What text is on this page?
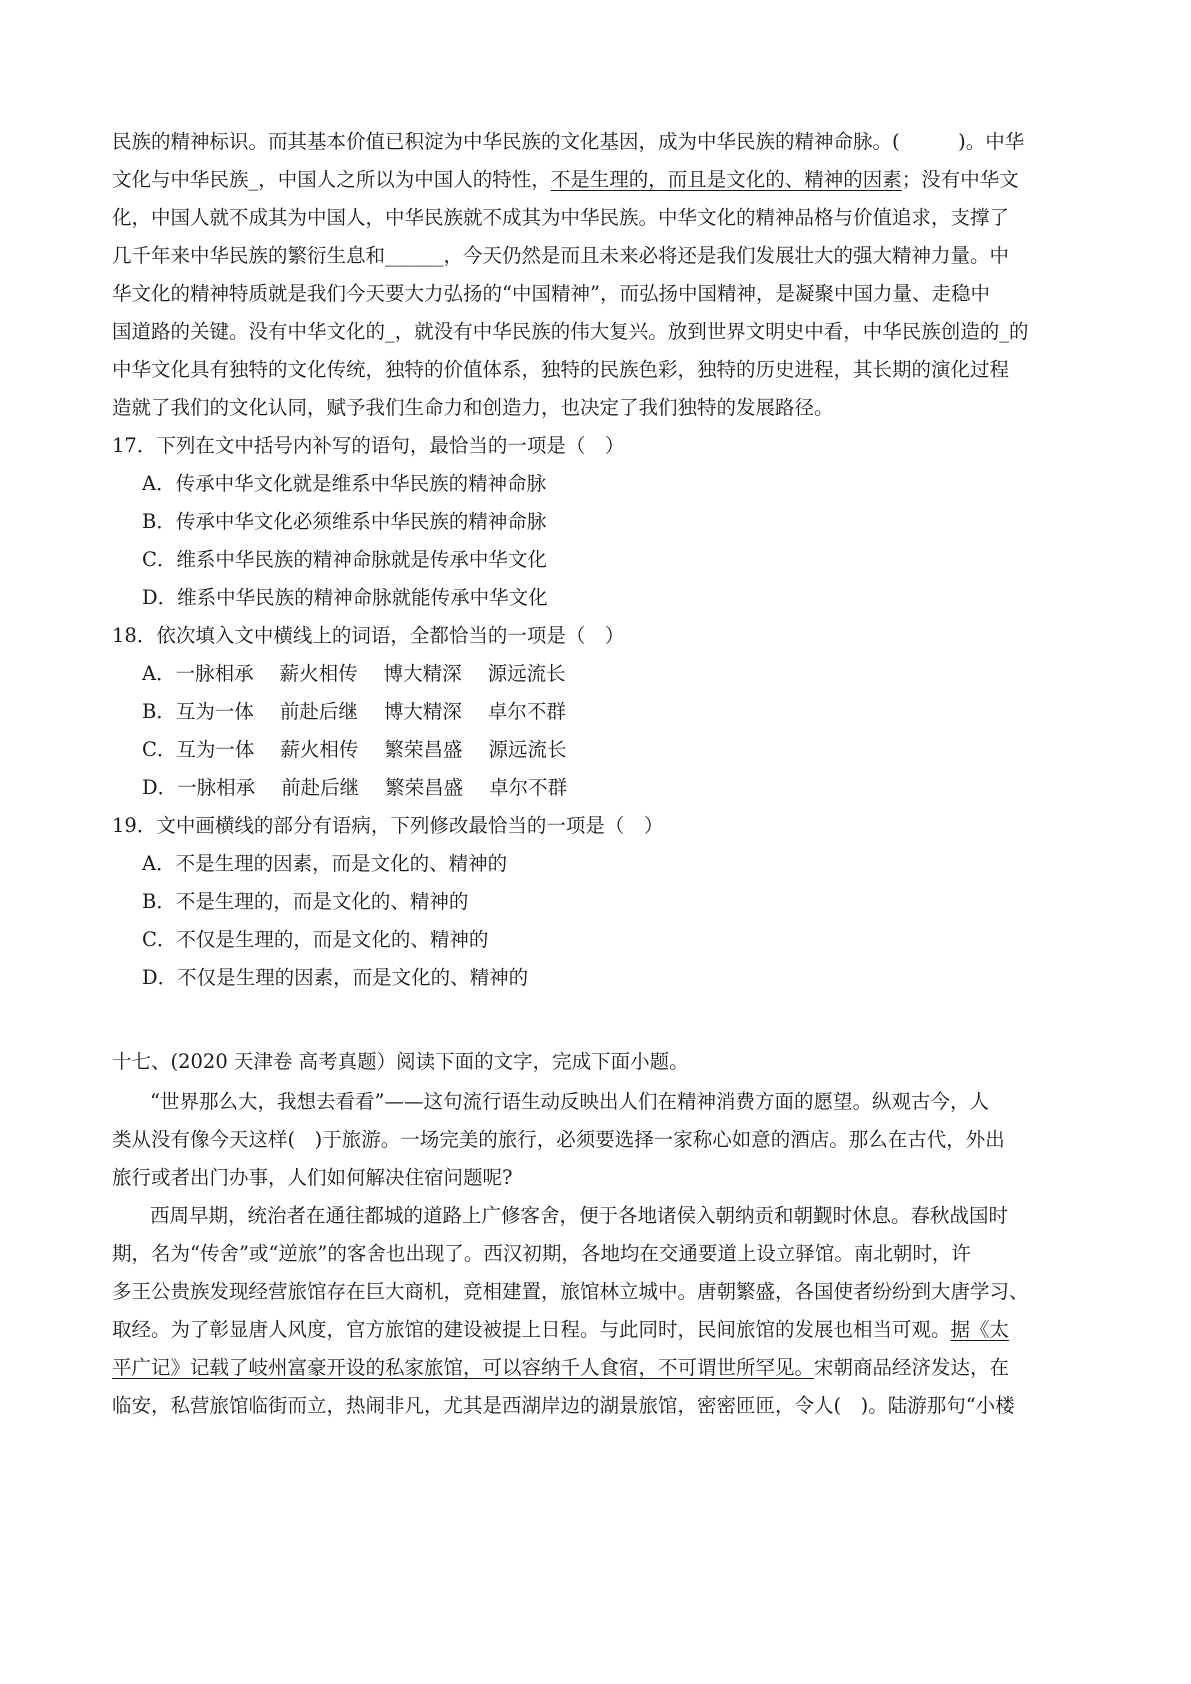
民族的精神标识。而其基本价值已积淀为中华民族的文化基因，成为中华民族的精神命脉。(　　　)。中华
文化与中华民族_，中国人之所以为中国人的特性，不是生理的，而且是文化的、精神的因素；没有中华文
化，中国人就不成其为中国人，中华民族就不成其为中华民族。中华文化的精神品格与价值追求，支撑了
几千年来中华民族的繁衍生息和______，今天仍然是而且未来必将还是我们发展壮大的强大精神力量。中
华文化的精神特质就是我们今天要大力弘扬的“中国精神”，而弘扬中国精神，是凝聚中国力量、走稳中
国道路的关键。没有中华文化的_，就没有中华民族的伟大复兴。放到世界文明史中看，中华民族创造的_的
中华文化具有独特的文化传统，独特的价值体系，独特的民族色彩，独特的历史进程，其长期的演化过程
造就了我们的文化认同，赋予我们生命力和创造力，也决定了我们独特的发展路径。
17．下列在文中括号内补写的语句，最恰当的一项是（　）
A．传承中华文化就是维系中华民族的精神命脉
B．传承中华文化必须维系中华民族的精神命脉
C．维系中华民族的精神命脉就是传承中华文化
D．维系中华民族的精神命脉就能传承中华文化
18．依次填入文中横线上的词语，全都恰当的一项是（　）
A．一脉相承 薪火相传 博大精深 源远流长
B．互为一体 前赴后继 博大精深 卓尔不群
C．互为一体 薪火相传 繁荣昌盛 源远流长
D．一脉相承 前赴后继 繁荣昌盛 卓尔不群
19．文中画横线的部分有语病，下列修改最恰当的一项是（　）
A．不是生理的因素，而是文化的、精神的
B．不是生理的，而是文化的、精神的
C．不仅是生理的，而是文化的、精神的
D．不仅是生理的因素，而是文化的、精神的
十七、(2020 天津卷 高考真题）阅读下面的文字，完成下面小题。
“世界那么大，我想去看看”——这句流行语生动反映出人们在精神消费方面的愿望。纵观古今，人
类从没有像今天这样(　)于旅游。一场完美的旅行，必须要选择一家称心如意的酒店。那么在古代，外出
旅行或者出门办事，人们如何解决住宿问题呢?
西周早期，统治者在通往都城的道路上广修客舍，便于各地诸侯入朝纳贡和朝觐时休息。春秋战国时
期，名为“传舍”或“逆旅”的客舍也出现了。西汉初期，各地均在交通要道上设立驿馆。南北朝时，许
多王公贵族发现经营旅馆存在巨大商机，竞相建置，旅馆林立城中。唐朝繁盛，各国使者纷纷到大唐学习、
取经。为了彰显唐人风度，官方旅馆的建设被提上日程。与此同时，民间旅馆的发展也相当可观。据《太
平广记》记载了岐州富豪开设的私家旅馆，可以容纳千人食宿，不可谓世所罕见。宋朝商品经济发达，在
临安，私营旅馆临街而立，热闹非凡，尤其是西湖岸边的湖景旅馆，密密匝匝，令人(　)。陆游那句“小楼
